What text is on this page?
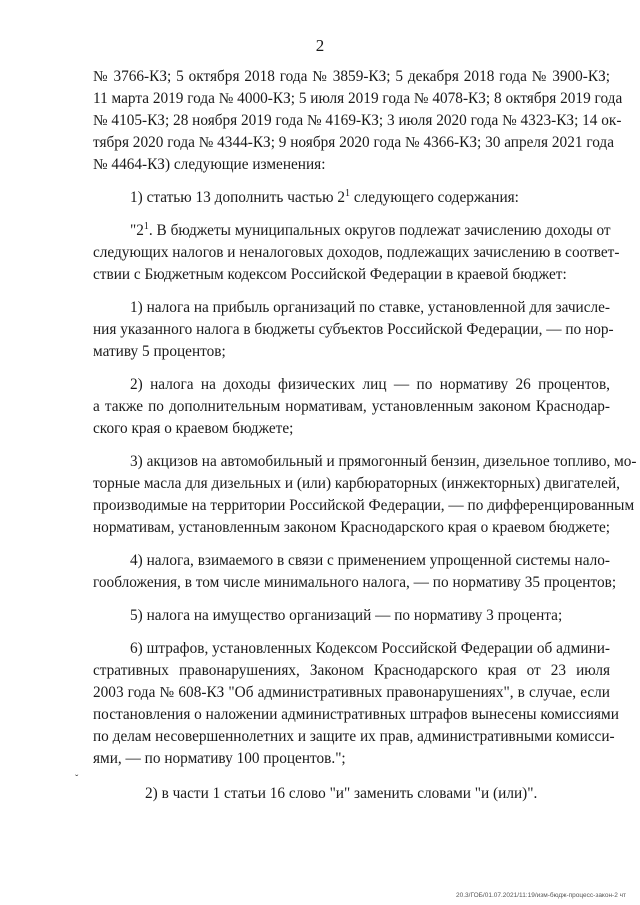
2
№ 3766-КЗ; 5 октября 2018 года № 3859-КЗ; 5 декабря 2018 года № 3900-КЗ;
11 марта 2019 года № 4000-КЗ; 5 июля 2019 года № 4078-КЗ; 8 октября 2019 года
№ 4105-КЗ; 28 ноября 2019 года № 4169-КЗ; 3 июля 2020 года № 4323-КЗ; 14 ок-
тября 2020 года № 4344-КЗ; 9 ноября 2020 года № 4366-КЗ; 30 апреля 2021 года
№ 4464-КЗ) следующие изменения:
1) статью 13 дополнить частью $2^1$ следующего содержания:
"$2^1$. В бюджеты муниципальных округов подлежат зачислению доходы от
следующих налогов и неналоговых доходов, подлежащих зачислению в соответ-
ствии с Бюджетным кодексом Российской Федерации в краевой бюджет:
1) налога на прибыль организаций по ставке, установленной для зачисле-
ния указанного налога в бюджеты субъектов Российской Федерации, — по нор-
мативу 5 процентов;
2) налога на доходы физических лиц — по нормативу 26 процентов,
а также по дополнительным нормативам, установленным законом Краснодар-
ского края о краевом бюджете;
3) акцизов на автомобильный и прямогонный бензин, дизельное топливо, мо-
торные масла для дизельных и (или) карбюраторных (инжекторных) двигателей,
производимые на территории Российской Федерации, — по дифференцированным
нормативам, установленным законом Краснодарского края о краевом бюджете;
4) налога, взимаемого в связи с применением упрощенной системы нало-
гообложения, в том числе минимального налога, — по нормативу 35 процентов;
5) налога на имущество организаций — по нормативу 3 процента;
6) штрафов, установленных Кодексом Российской Федерации об админи-
стративных правонарушениях, Законом Краснодарского края от 23 июля
2003 года № 608-КЗ "Об административных правонарушениях", в случае, если
постановления о наложении административных штрафов вынесены комиссиями
по делам несовершеннолетних и защите их прав, административными комисси-
ями, — по нормативу 100 процентов.";
2) в части 1 статьи 16 слово "и" заменить словами "и (или)".
ˇ
20.3/ГОБ/01.07.2021/11:19/изм-бюдж-процесс-закон-2 чт
